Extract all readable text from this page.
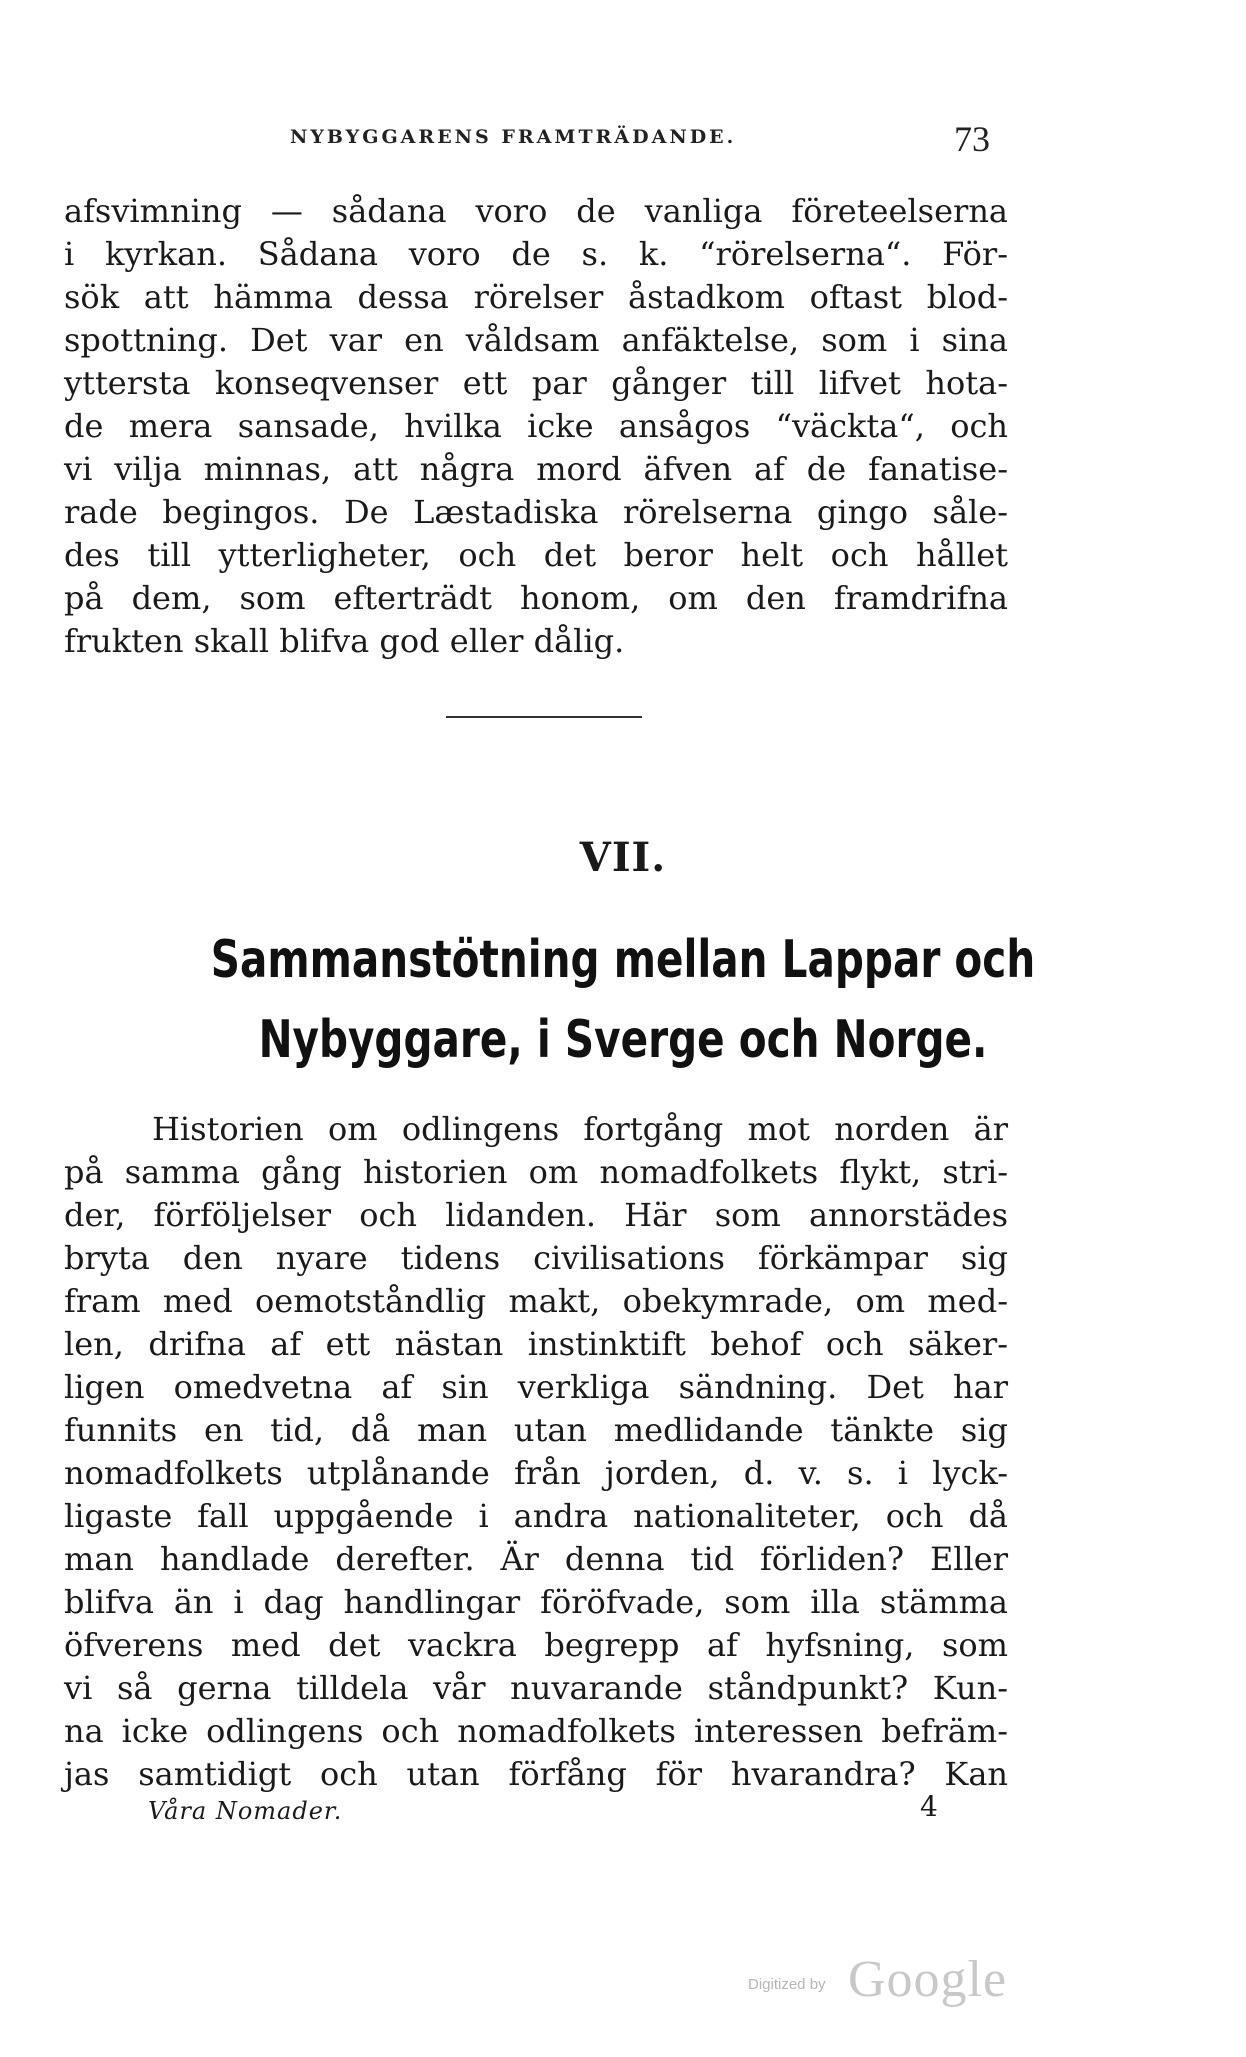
NYBYGGARENS FRAMTRÄDANDE.	73
afsvimning — sådana voro de vanliga företeelserna
i kyrkan. Sådana voro de s. k. “rörelserna“. För-
sök att hämma dessa rörelser åstadkom oftast blod-
spottning. Det var en våldsam anfäktelse, som i sina
yttersta konseqvenser ett par gånger till lifvet hota-
de mera sansade, hvilka icke ansågos “väckta“, och
vi vilja minnas, att några mord äfven af de fanatise-
rade begingos. De Læstadiska rörelserna gingo såle-
des till ytterligheter, och det beror helt och hållet
på dem, som efterträdt honom, om den framdrifna
frukten skall blifva god eller dålig.
VII.
Sammanstötning mellan Lappar och
Nybyggare, i Sverge och Norge.
Historien om odlingens fortgång mot norden är
på samma gång historien om nomadfolkets flykt, stri-
der, förföljelser och lidanden. Här som annorstädes
bryta den nyare tidens civilisations förkämpar sig
fram med oemotståndlig makt, obekymrade, om med-
len, drifna af ett nästan instinktift behof och säker-
ligen omedvetna af sin verkliga sändning. Det har
funnits en tid, då man utan medlidande tänkte sig
nomadfolkets utplånande från jorden, d. v. s. i lyck-
ligaste fall uppgående i andra nationaliteter, och då
man handlade derefter. Är denna tid förliden? Eller
blifva än i dag handlingar föröfvade, som illa stämma
öfverens med det vackra begrepp af hyfsning, som
vi så gerna tilldela vår nuvarande ståndpunkt? Kun-
na icke odlingens och nomadfolkets interessen befräm-
jas samtidigt och utan förfång för hvarandra? Kan
Våra Nomader.	4
Digitized by Google
